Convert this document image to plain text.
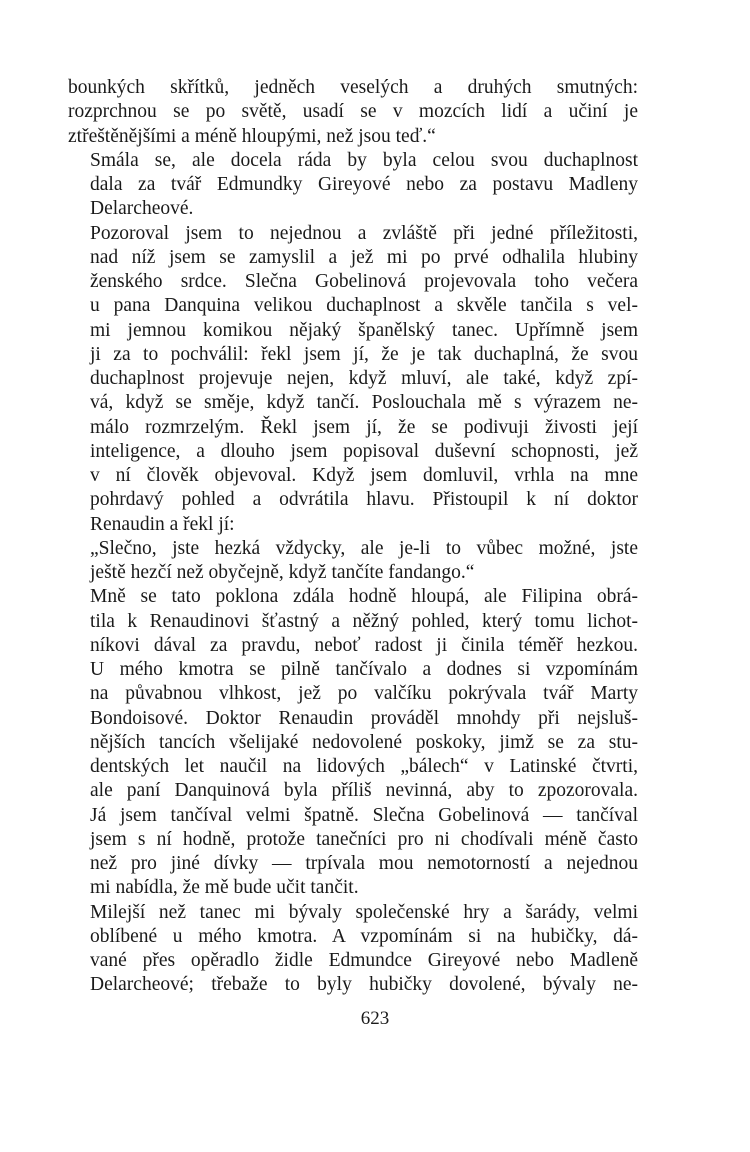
bounkých skřítků, jedněch veselých a druhých smutných:
rozprchnou se po světě, usadí se v mozcích lidí a učiní je
ztřeštěnějšími a méně hloupými, než jsou teď.“

Smála se, ale docela ráda by byla celou svou duchaplnost
dala za tvář Edmundky Gireyové nebo za postavu Madleny
Delarcheové.

Pozoroval jsem to nejednou a zvláště při jedné příležitosti,
nad níž jsem se zamyslil a jež mi po prvé odhalila hlubiny
ženského srdce. Slečna Gobelinová projevovala toho večera
u pana Danquina velikou duchaplnost a skvěle tančila s vel-
mi jemnou komikou nějaký španělský tanec. Upřímně jsem
ji za to pochválil: řekl jsem jí, že je tak duchaplná, že svou
duchaplnost projevuje nejen, když mluví, ale také, když zpí-
vá, když se směje, když tančí. Poslouchala mě s výrazem ne-
málo rozmrzelým. Řekl jsem jí, že se podivuji živosti její
inteligence, a dlouho jsem popisoval duševní schopnosti, jež
v ní člověk objevoval. Když jsem domluvil, vrhla na mne
pohrdavý pohled a odvrátila hlavu. Přistoupil k ní doktor
Renaudin a řekl jí:

„Slečno, jste hezká vždycky, ale je-li to vůbec možné, jste
ještě hezčí než obyčejně, když tančíte fandango.“

Mně se tato poklona zdála hodně hloupá, ale Filipina obrá-
tila k Renaudinovi šťastný a něžný pohled, který tomu lichot-
níkovi dával za pravdu, neboť radost ji činila téměř hezkou.

U mého kmotra se pilně tančívalo a dodnes si vzpomínám
na půvabnou vlhkost, jež po valčíku pokrývala tvář Marty
Bondoisové. Doktor Renaudin prováděl mnohdy při nejsluš-
nějších tancích všelijaké nedovolené poskoky, jimž se za stu-
dentských let naučil na lidových „bálech“ v Latinské čtvrti,
ale paní Danquinová byla příliš nevinná, aby to zpozorovala.
Já jsem tančíval velmi špatně. Slečna Gobelinová — tančíval
jsem s ní hodně, protože tanečníci pro ni chodívali méně často
než pro jiné dívky — trpívala mou nemotorností a nejednou
mi nabídla, že mě bude učit tančit.

Milejší než tanec mi bývaly společenské hry a šarády, velmi
oblíbené u mého kmotra. A vzpomínám si na hubičky, dá-
vané přes opěradlo židle Edmundce Gireyové nebo Madleně
Delarcheové; třebaže to byly hubičky dovolené, bývaly ne-

623
